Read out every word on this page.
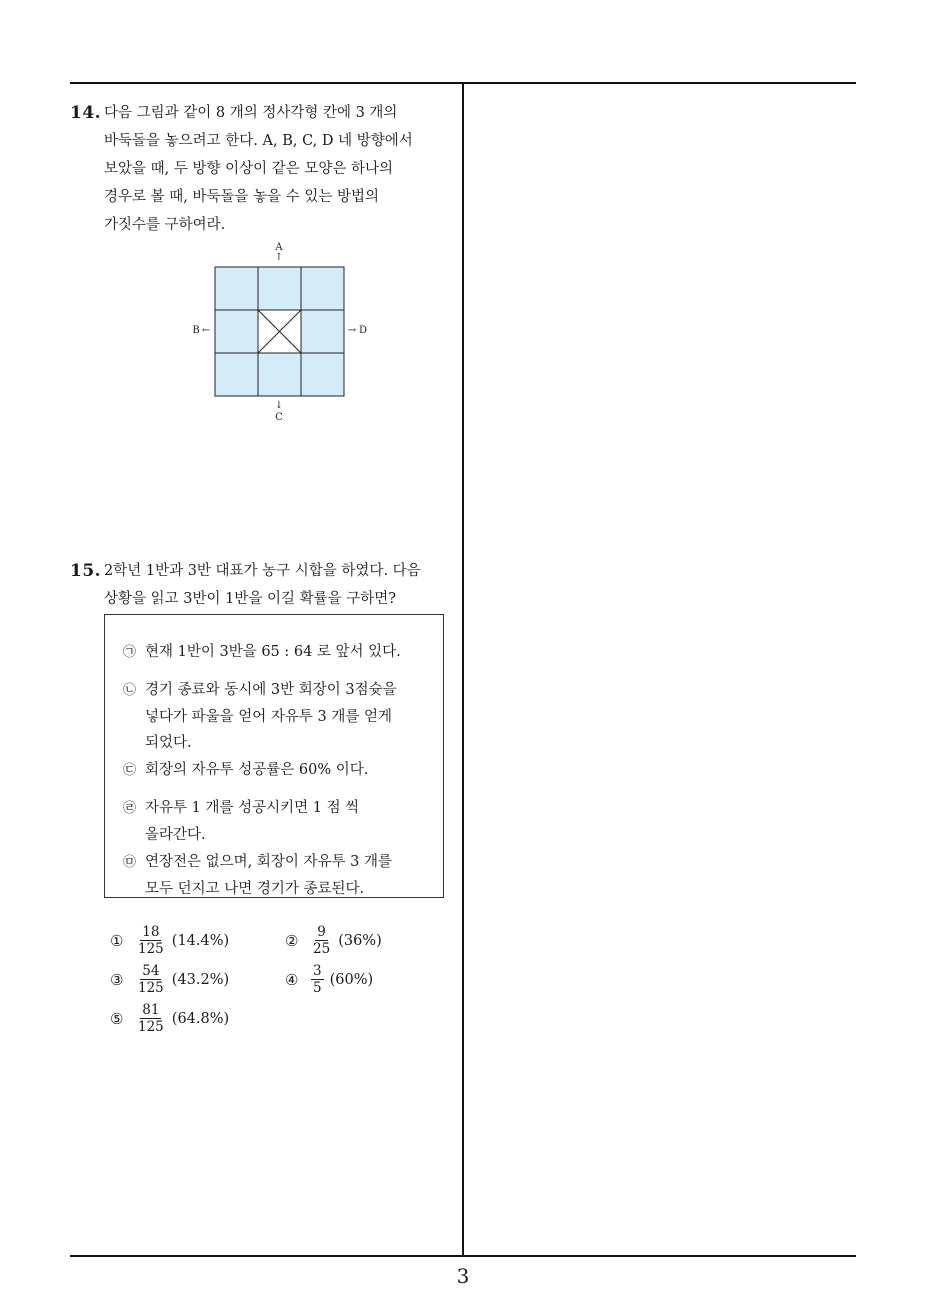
14. 다음 그림과 같이 8 개의 정사각형 칸에 3 개의
바둑돌을 놓으려고 한다. A, B, C, D 네 방향에서
보았을 때, 두 방향 이상이 같은 모양은 하나의
경우로 볼 때, 바둑돌을 놓을 수 있는 방법의
가짓수를 구하여라.
A
↑
↓
C
B ←	→ D
15. 2학년 1반과 3반 대표가 농구 시합을 하였다. 다음
상황을 읽고 3반이 1반을 이길 확률을 구하면?
㉠ 현재 1반이 3반을 65 : 64 로 앞서 있다.
㉡ 경기 종료와 동시에 3반 회장이 3점슛을
넣다가 파울을 얻어 자유투 3 개를 얻게
되었다.
㉢ 회장의 자유투 성공률은 60% 이다.
㉣ 자유투 1 개를 성공시키면 1 점 씩
올라간다.
㉤ 연장전은 없으며, 회장이 자유투 3 개를
모두 던지고 나면 경기가 종료된다.
① $\frac{18}{125} (14.4\%)$	② $\frac{9}{25} (36\%)$
③ $\frac{54}{125} (43.2\%)$	④ $\frac{3}{5} (60\%)$
⑤ $\frac{81}{125} (64.8\%)$
3
